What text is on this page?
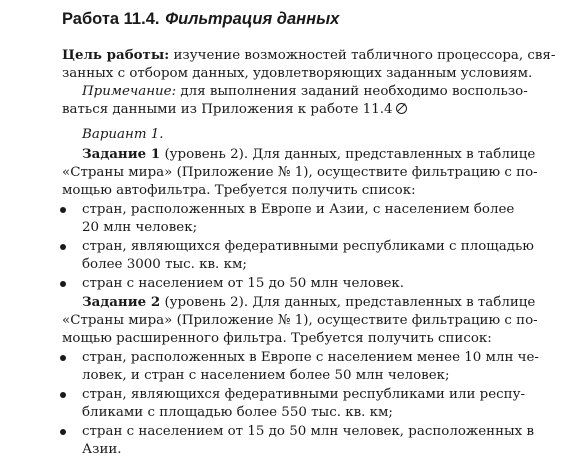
Работа 11.4. Фильтрация данных
Цель работы: изучение возможностей табличного процессора, свя-
занных с отбором данных, удовлетворяющих заданным условиям.
Примечание: для выполнения заданий необходимо воспользо-
ваться данными из Приложения к работе 11.4
Вариант 1.
Задание 1 (уровень 2). Для данных, представленных в таблице
«Страны мира» (Приложение № 1), осуществите фильтрацию с по-
мощью автофильтра. Требуется получить список:
стран, расположенных в Европе и Азии, с населением более
20 млн человек;
стран, являющихся федеративными республиками с площадью
более 3000 тыс. кв. км;
стран с населением от 15 до 50 млн человек.
Задание 2 (уровень 2). Для данных, представленных в таблице
«Страны мира» (Приложение № 1), осуществите фильтрацию с по-
мощью расширенного фильтра. Требуется получить список:
стран, расположенных в Европе с населением менее 10 млн че-
ловек, и стран с населением более 50 млн человек;
стран, являющихся федеративными республиками или респу-
бликами с площадью более 550 тыс. кв. км;
стран с населением от 15 до 50 млн человек, расположенных в
Азии.
